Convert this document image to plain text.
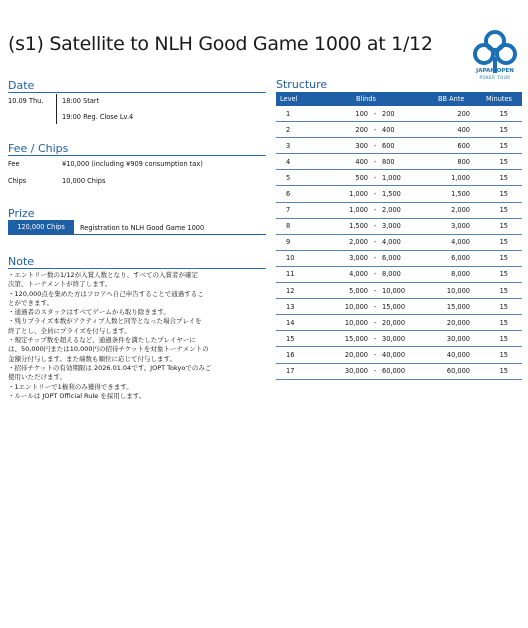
(s1) Satellite to NLH Good Game 1000 at 1/12
JAPAN OPEN
POKER TOUR
Date
10.09 Thu.	18:00 Start
19:00 Reg. Close Lv.4
Fee / Chips
Fee	¥10,000 (including ¥909 consumption tax)
Chips	10,000 Chips
Prize
120,000 Chips	Registration to NLH Good Game 1000
Note
・エントリー数の1/12が入賞人数となり、すべての入賞者が確定
次第、トーナメントが終了します。
・120,000点を集めた方はフロアへ自己申告することで通過するこ
とができます。
・通過者のスタックはすべてゲームから取り除きます。
・残りプライズ本数がアクティブ人数と同等となった場合プレイを
終了とし、全員にプライズを付与します。
・規定チップ数を超えるなど、通過条件を満たしたプレイヤーに
は、50,000円または10,000円の招待チケットを対象トーナメントの
金額分付与します。また端数も順位に応じて付与します。
・招待チケットの有効期限は 2026.01.04です。JOPT Tokyoでのみご
使用いただけます。
・1エントリーで1権利のみ獲得できます。
・ルールは JOPT Official Rule を採用します。
Structure
Level	Blinds	BB Ante	Minutes
1	100 - 200	200	15
2	200 - 400	400	15
3	300 - 600	600	15
4	400 - 800	800	15
5	500 - 1,000	1,000	15
6	1,000 - 1,500	1,500	15
7	1,000 - 2,000	2,000	15
8	1,500 - 3,000	3,000	15
9	2,000 - 4,000	4,000	15
10	3,000 - 6,000	6,000	15
11	4,000 - 8,000	8,000	15
12	5,000 - 10,000	10,000	15
13	10,000 - 15,000	15,000	15
14	10,000 - 20,000	20,000	15
15	15,000 - 30,000	30,000	15
16	20,000 - 40,000	40,000	15
17	30,000 - 60,000	60,000	15
